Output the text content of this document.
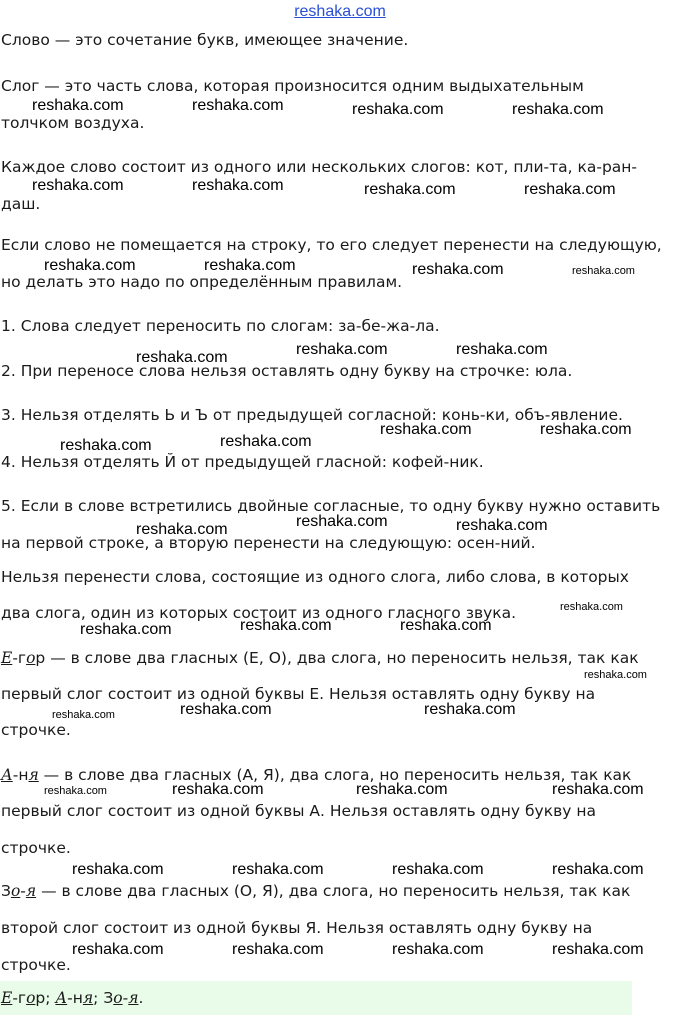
reshaka.com
Слово — это сочетание букв, имеющее значение.
Слог — это часть слова, которая произносится одним выдыхательным
толчком воздуха.
Каждое слово состоит из одного или нескольких слогов: кот, пли-та, ка-ран-
даш.
Если слово не помещается на строку, то его следует перенести на следующую,
но делать это надо по определённым правилам.
1. Слова следует переносить по слогам: за-бе-жа-ла.
2. При переносе слова нельзя оставлять одну букву на строчке: юла.
3. Нельзя отделять Ь и Ъ от предыдущей согласной: конь-ки, объ-явление.
4. Нельзя отделять Й от предыдущей гласной: кофей-ник.
5. Если в слове встретились двойные согласные, то одну букву нужно оставить
на первой строке, а вторую перенести на следующую: осен-ний.
Нельзя перенести слова, состоящие из одного слога, либо слова, в которых
два слога, один из которых состоит из одного гласного звука.
Е-гор — в слове два гласных (Е, О), два слога, но переносить нельзя, так как
первый слог состоит из одной буквы Е. Нельзя оставлять одну букву на
строчке.
А-ня — в слове два гласных (А, Я), два слога, но переносить нельзя, так как
первый слог состоит из одной буквы А. Нельзя оставлять одну букву на
строчке.
Зо-я — в слове два гласных (О, Я), два слога, но переносить нельзя, так как
второй слог состоит из одной буквы Я. Нельзя оставлять одну букву на
строчке.
Е-гор; А-ня; Зо-я.
reshaka.com	reshaka.com	reshaka.com	reshaka.com
reshaka.com	reshaka.com	reshaka.com	reshaka.com
reshaka.com	reshaka.com	reshaka.com	reshaka.com
reshaka.com	reshaka.com	reshaka.com
reshaka.com	reshaka.com
reshaka.com	reshaka.com
reshaka.com	reshaka.com	reshaka.com
reshaka.com
reshaka.com	reshaka.com	reshaka.com
reshaka.com
reshaka.com	reshaka.com	reshaka.com
reshaka.com	reshaka.com	reshaka.com	reshaka.com
reshaka.com	reshaka.com	reshaka.com	reshaka.com
reshaka.com	reshaka.com	reshaka.com	reshaka.com
